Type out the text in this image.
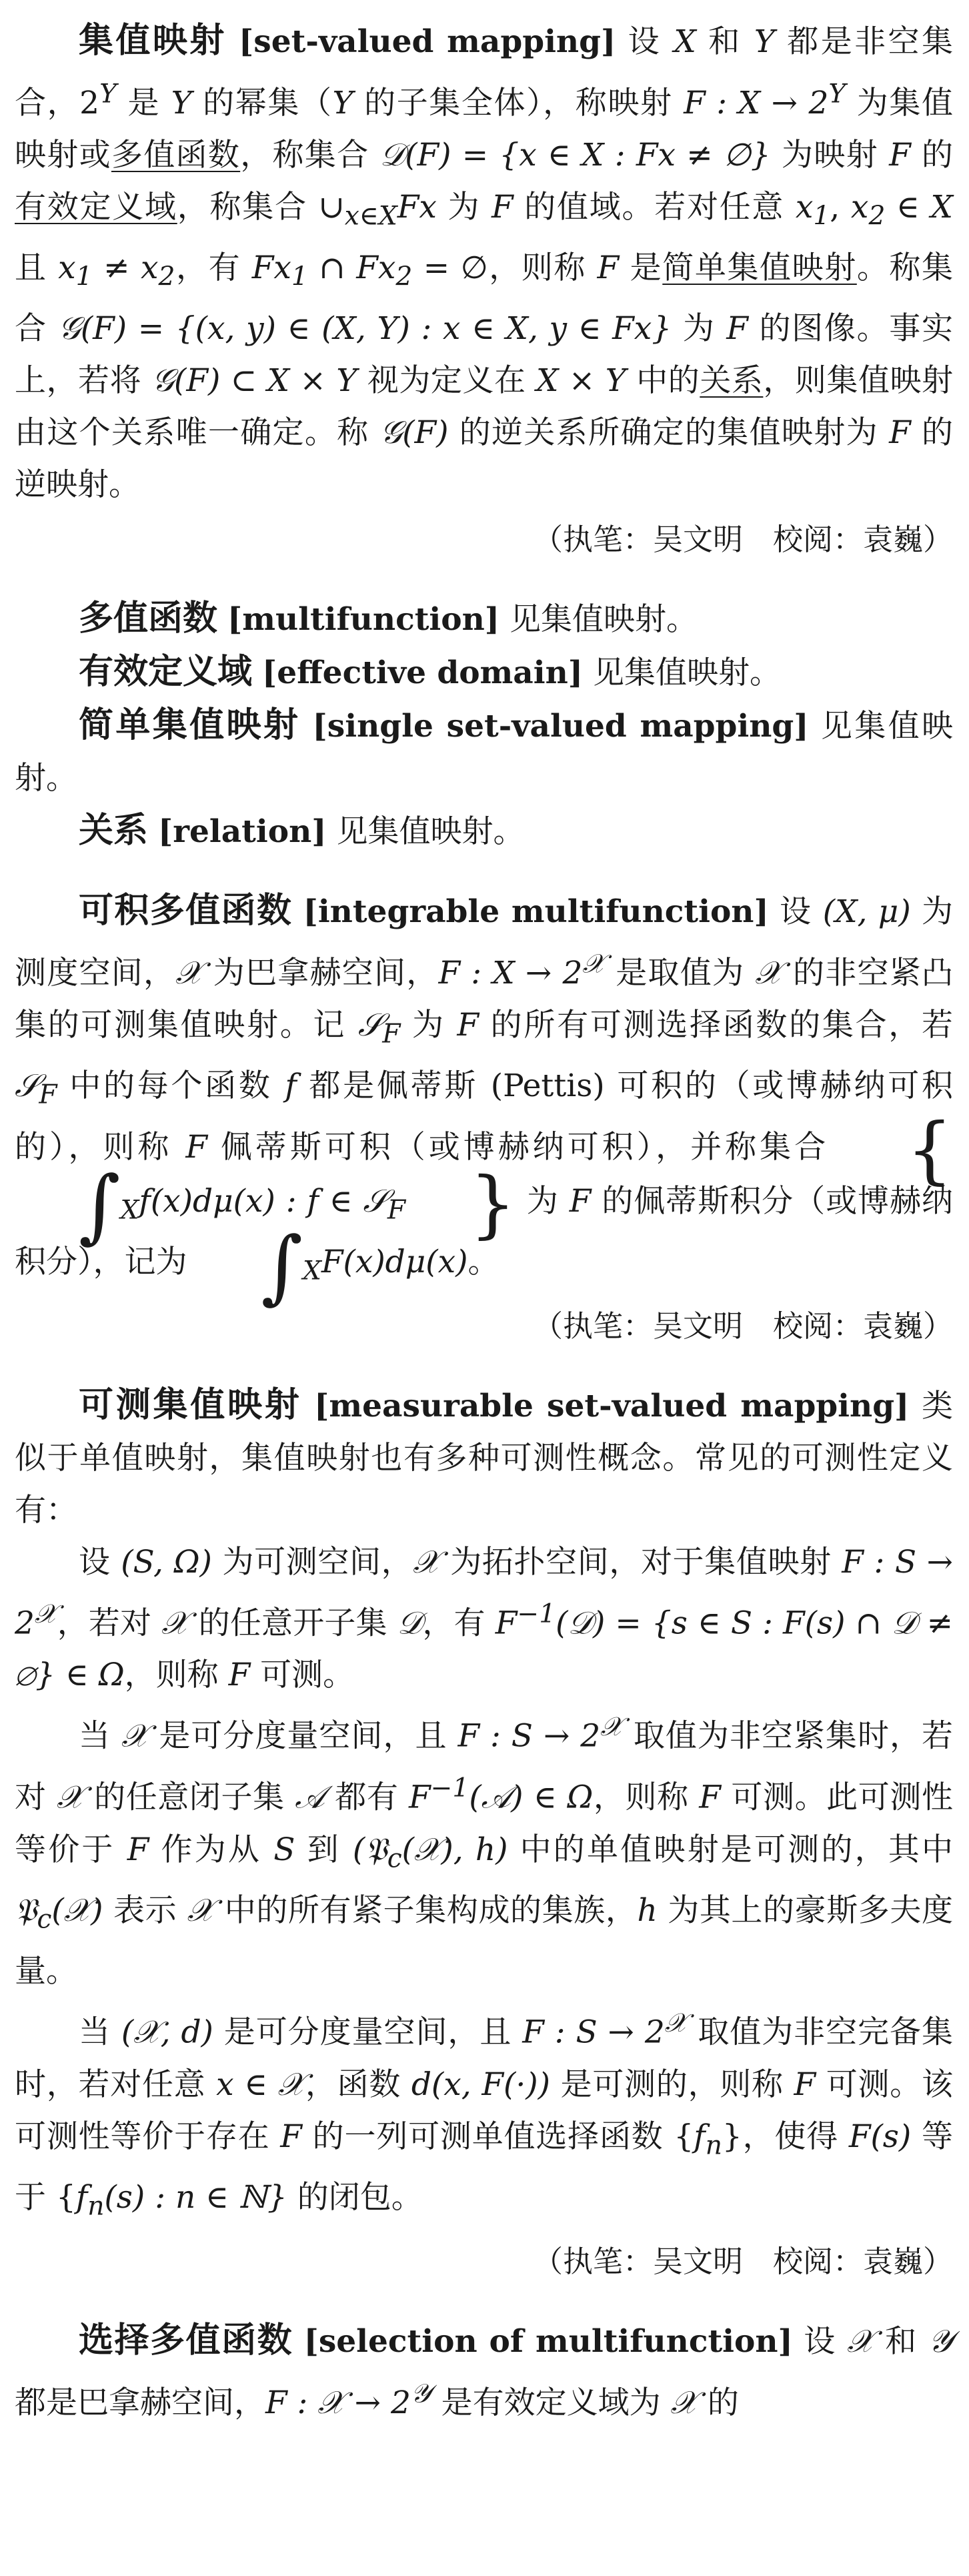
集值映射 [set-valued mapping] 设 X 和 Y 都是非空集合，$2^Y$ 是 Y 的幂集（Y 的子集全体），称映射 F : $X \to 2^Y$ 为集值映射或多值函数，称集合 𝒟(F) = {x ∈ X : Fx ≠ ∅} 为映射 F 的有效定义域，称集合 $\cup_{x\in X}Fx$ 为 F 的值域。若对任意 $x_1$, $x_2$ ∈ X 且 $x_1 \ne x_2$，有 $Fx_1$ ∩ $Fx_2$ = ∅，则称 F 是简单集值映射。称集合 𝒢(F) = {(x, y) ∈ (X, Y) : x ∈ X, y ∈ Fx} 为 F 的图像。事实上，若将 𝒢(F) ⊂ X × Y 视为定义在 X × Y 中的关系，则集值映射由这个关系唯一确定。称 𝒢(F) 的逆关系所确定的集值映射为 F 的逆映射。

（执笔：吴文明　校阅：袁巍）

多值函数 [multifunction] 见集值映射。

有效定义域 [effective domain] 见集值映射。

简单集值映射 [single set-valued mapping] 见集值映射。

关系 [relation] 见集值映射。

可积多值函数 [integrable multifunction] 设 (X, μ) 为测度空间，𝒳 为巴拿赫空间，F : $X \to 2^𝒳$ 是取值为 𝒳 的非空紧凸集的可测集值映射。记 𝒮$_F$ 为 F 的所有可测选择函数的集合，若 𝒮$_F$ 中的每个函数 f 都是佩蒂斯 (Pettis) 可积的（或博赫纳可积的），则称 F 佩蒂斯可积（或博赫纳可积），并称集合 {$\int_Xf(x)d\mu(x)$ : f ∈ 𝒮$_F$ } 为 F 的佩蒂斯积分（或博赫纳积分），记为 $\int_XF(x)d\mu(x)$。

（执笔：吴文明　校阅：袁巍）

可测集值映射 [measurable set-valued mapping] 类似于单值映射，集值映射也有多种可测性概念。常见的可测性定义有：

设 (S, Ω) 为可测空间，𝒳 为拓扑空间，对于集值映射 F : $S \to 2^𝒳$，若对 𝒳 的任意开子集 𝒟，有 $F^{-1}(𝒟) = \{s$ ∈ S : F(s) ∩ 𝒟 ≠ ∅} ∈ Ω，则称 F 可测。

当 𝒳 是可分度量空间，且 F : $S \to 2^𝒳$ 取值为非空紧集时，若对 𝒳 的任意闭子集 𝒜 都有 $F^{-1}(𝒜)$ ∈ Ω，则称 F 可测。此可测性等价于 F 作为从 S 到 (𝔓$_c$(𝒳), h) 中的单值映射是可测的，其中 𝔓$_c$(𝒳) 表示 𝒳 中的所有紧子集构成的集族，h 为其上的豪斯多夫度量。

当 (𝒳, d) 是可分度量空间，且 F : $S \to 2^𝒳$ 取值为非空完备集时，若对任意 x ∈ 𝒳，函数 d(x, F(·)) 是可测的，则称 F 可测。该可测性等价于存在 F 的一列可测单值选择函数 $\{f_n\}$，使得 F(s) 等于 {$f_n(s)$ : n ∈ ℕ} 的闭包。

（执笔：吴文明　校阅：袁巍）

选择多值函数 [selection of multifunction] 设 𝒳 和 𝒴 都是巴拿赫空间，F : 𝒳 → $2^𝒴$ 是有效定义域为 𝒳 的
